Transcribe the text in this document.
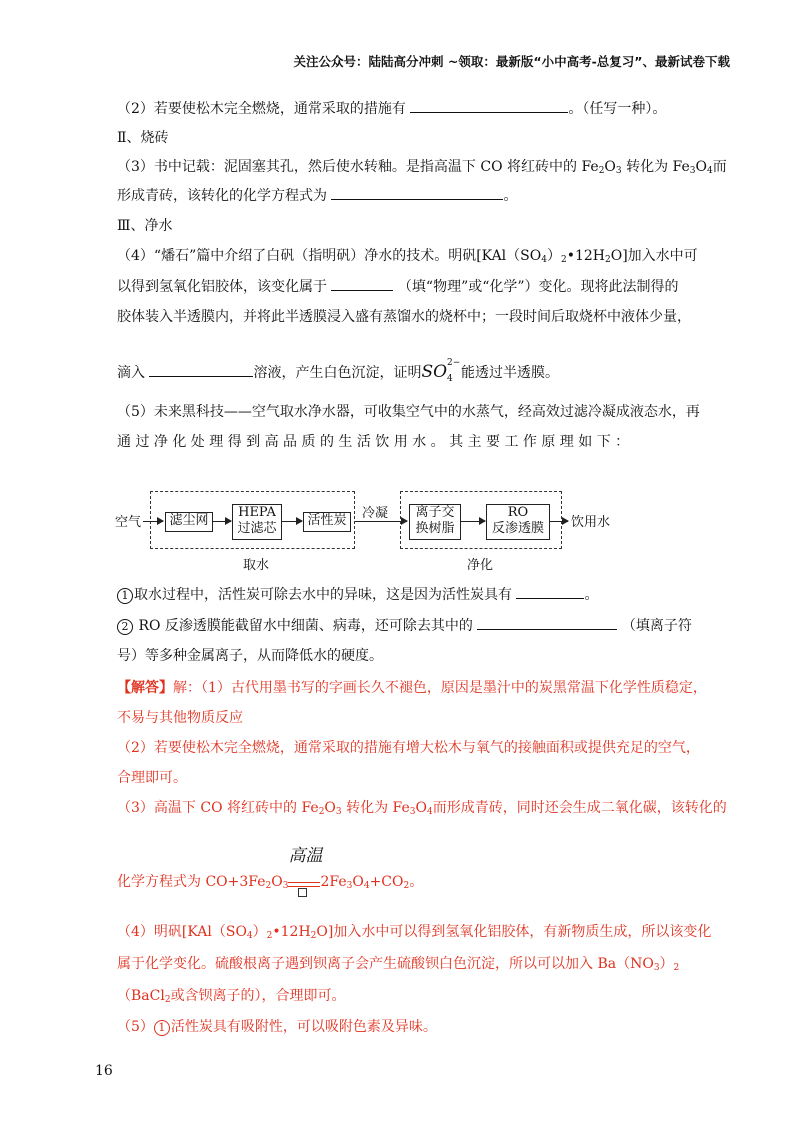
关注公众号：陆陆高分冲刺 ~领取：最新版“小中高考-总复习”、最新试卷下载
（2）若要使松木完全燃烧，通常采取的措施有	。（任写一种）。
Ⅱ、烧砖
（3）书中记载：泥固塞其孔，然后使水转釉。是指高温下 CO 将红砖中的 $Fe_2O_3$ 转化为 $Fe_3O_4$而
形成青砖，该转化的化学方程式为	。
Ⅲ、净水
（4）“燔石”篇中介绍了白矾（指明矾）净水的技术。明矾$[KAl(SO_4)_2•12H_2O]$加入水中可
以得到氢氧化铝胶体，该变化属于	（填“物理”或“化学”）变化。现将此法制得的
胶体装入半透膜内，并将此半透膜浸入盛有蒸馏水的烧杯中；一段时间后取烧杯中液体少量，
滴入	溶液，产生白色沉淀，证明SO 2−
4 能透过半透膜。
（5）未来黑科技——空气取水净水器，可收集空气中的水蒸气，经高效过滤冷凝成液态水，再
通 过 净 化 处 理 得 到 高 品 质 的 生 活 饮 用 水 。 其 主 要 工 作 原 理 如 下 ：
空气	滤尘网
HEPA
过滤芯
活性炭	冷凝	离子交
换树脂
RO
反渗透膜	饮用水
取水	净化
1 取水过程中，活性炭可除去水中的异味，这是因为活性炭具有	。
2 RO 反渗透膜能截留水中细菌、病毒，还可除去其中的	（填离子符
号）等多种金属离子，从而降低水的硬度。
【解答】解：（1）古代用墨书写的字画长久不褪色，原因是墨汁中的炭黑常温下化学性质稳定，
不易与其他物质反应
（2）若要使松木完全燃烧，通常采取的措施有增大松木与氧气的接触面积或提供充足的空气，
合理即可。
（3）高温下 CO 将红砖中的 $Fe_2O_3$ 转化为 $Fe_3O_4$而形成青砖，同时还会生成二氧化碳，该转化的
化学方程式为 $CO+3Fe_2O_3$
高温
$2Fe_3O_4+CO_2$。
（4）明矾$[KAl(SO_4)_2•12H_2O]$加入水中可以得到氢氧化铝胶体，有新物质生成，所以该变化
属于化学变化。硫酸根离子遇到钡离子会产生硫酸钡白色沉淀，所以可以加入 $Ba(NO_3)_2$
（BaCl$_2$或含钡离子的），合理即可。
（5） 1 活性炭具有吸附性，可以吸附色素及异味。
16
